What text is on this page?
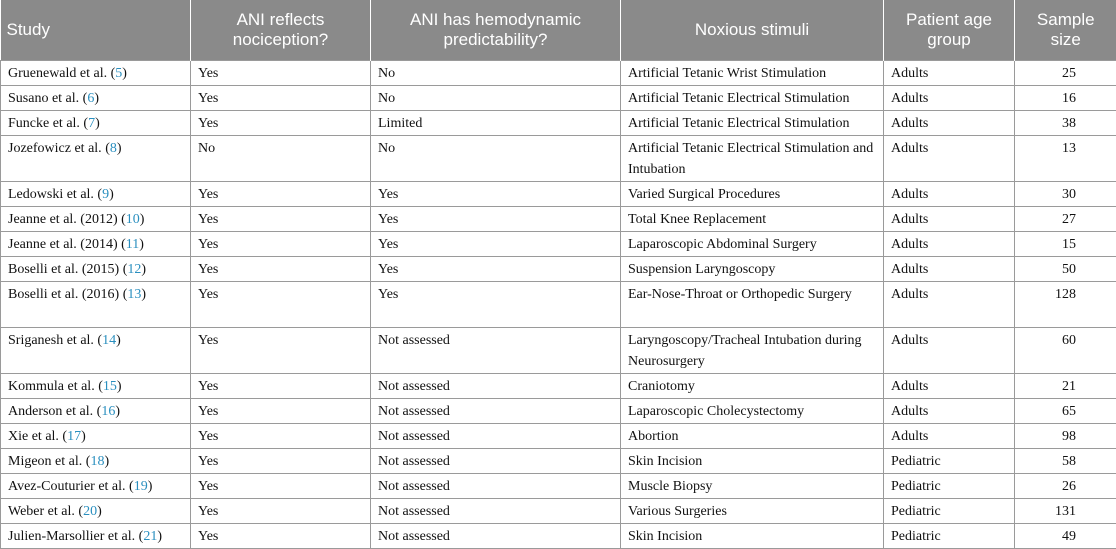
Study	ANI reflects nociception?	ANI has hemodynamic predictability?	Noxious stimuli	Patient age group	Sample size
Gruenewald et al. (5)	Yes	No	Artificial Tetanic Wrist Stimulation	Adults	25
Susano et al. (6)	Yes	No	Artificial Tetanic Electrical Stimulation	Adults	16
Funcke et al. (7)	Yes	Limited	Artificial Tetanic Electrical Stimulation	Adults	38
Jozefowicz et al. (8)	No	No	Artificial Tetanic Electrical Stimulation and Intubation	Adults	13
Ledowski et al. (9)	Yes	Yes	Varied Surgical Procedures	Adults	30
Jeanne et al. (2012) (10)	Yes	Yes	Total Knee Replacement	Adults	27
Jeanne et al. (2014) (11)	Yes	Yes	Laparoscopic Abdominal Surgery	Adults	15
Boselli et al. (2015) (12)	Yes	Yes	Suspension Laryngoscopy	Adults	50
Boselli et al. (2016) (13)	Yes	Yes	Ear-Nose-Throat or Orthopedic Surgery	Adults	128
Sriganesh et al. (14)	Yes	Not assessed	Laryngoscopy/Tracheal Intubation during Neurosurgery	Adults	60
Kommula et al. (15)	Yes	Not assessed	Craniotomy	Adults	21
Anderson et al. (16)	Yes	Not assessed	Laparoscopic Cholecystectomy	Adults	65
Xie et al. (17)	Yes	Not assessed	Abortion	Adults	98
Migeon et al. (18)	Yes	Not assessed	Skin Incision	Pediatric	58
Avez-Couturier et al. (19)	Yes	Not assessed	Muscle Biopsy	Pediatric	26
Weber et al. (20)	Yes	Not assessed	Various Surgeries	Pediatric	131
Julien-Marsollier et al. (21)	Yes	Not assessed	Skin Incision	Pediatric	49
